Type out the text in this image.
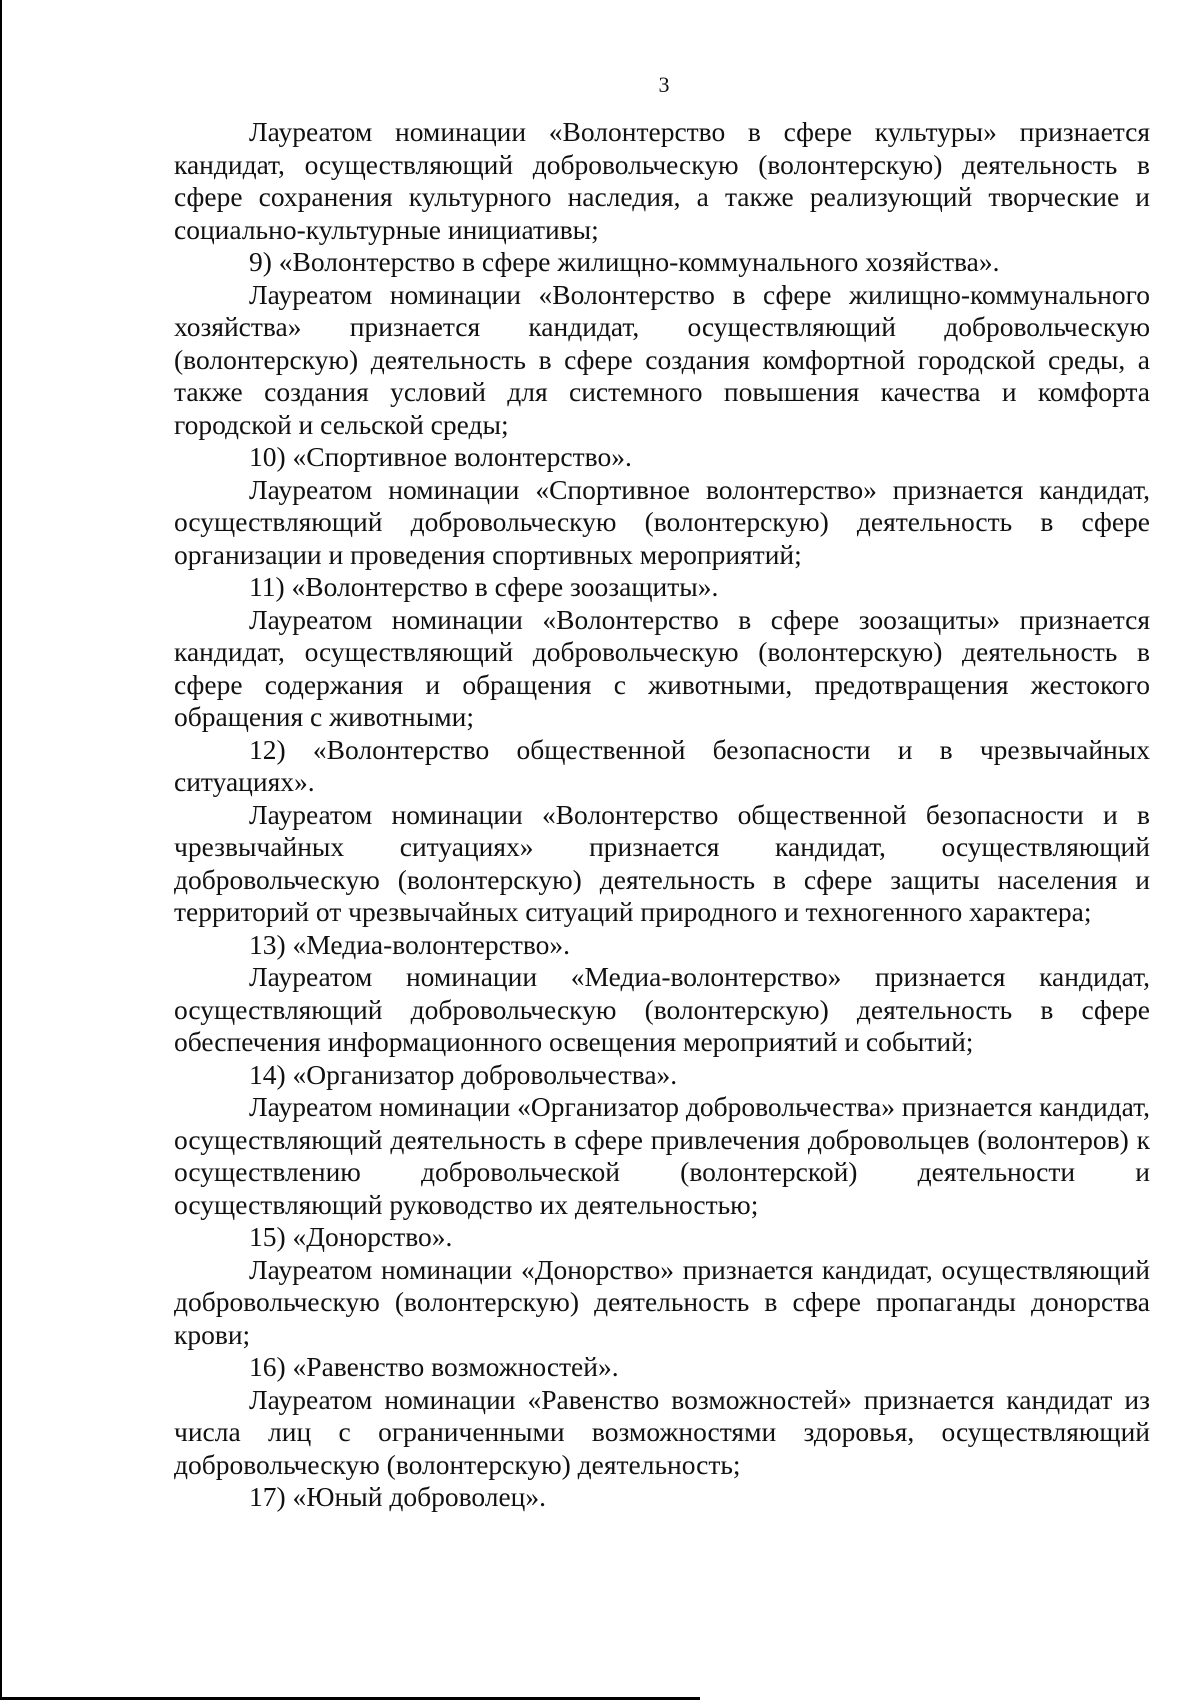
3

Лауреатом номинации «Волонтерство в сфере культуры» признается кандидат, осуществляющий добровольческую (волонтерскую) деятельность в сфере сохранения культурного наследия, а также реализующий творческие и социально-культурные инициативы;

9) «Волонтерство в сфере жилищно-коммунального хозяйства».

Лауреатом номинации «Волонтерство в сфере жилищно-коммунального хозяйства» признается кандидат, осуществляющий добровольческую (волонтерскую) деятельность в сфере создания комфортной городской среды, а также создания условий для системного повышения качества и комфорта городской и сельской среды;

10) «Спортивное волонтерство».

Лауреатом номинации «Спортивное волонтерство» признается кандидат, осуществляющий добровольческую (волонтерскую) деятельность в сфере организации и проведения спортивных мероприятий;

11) «Волонтерство в сфере зоозащиты».

Лауреатом номинации «Волонтерство в сфере зоозащиты» признается кандидат, осуществляющий добровольческую (волонтерскую) деятельность в сфере содержания и обращения с животными, предотвращения жестокого обращения с животными;

12) «Волонтерство общественной безопасности и в чрезвычайных ситуациях».

Лауреатом номинации «Волонтерство общественной безопасности и в чрезвычайных ситуациях» признается кандидат, осуществляющий добровольческую (волонтерскую) деятельность в сфере защиты населения и территорий от чрезвычайных ситуаций природного и техногенного характера;

13) «Медиа-волонтерство».

Лауреатом номинации «Медиа-волонтерство» признается кандидат, осуществляющий добровольческую (волонтерскую) деятельность в сфере обеспечения информационного освещения мероприятий и событий;

14) «Организатор добровольчества».

Лауреатом номинации «Организатор добровольчества» признается кандидат, осуществляющий деятельность в сфере привлечения добровольцев (волонтеров) к осуществлению добровольческой (волонтерской) деятельности и осуществляющий руководство их деятельностью;

15) «Донорство».

Лауреатом номинации «Донорство» признается кандидат, осуществляющий добровольческую (волонтерскую) деятельность в сфере пропаганды донорства крови;

16) «Равенство возможностей».

Лауреатом номинации «Равенство возможностей» признается кандидат из числа лиц с ограниченными возможностями здоровья, осуществляющий добровольческую (волонтерскую) деятельность;

17) «Юный доброволец».
